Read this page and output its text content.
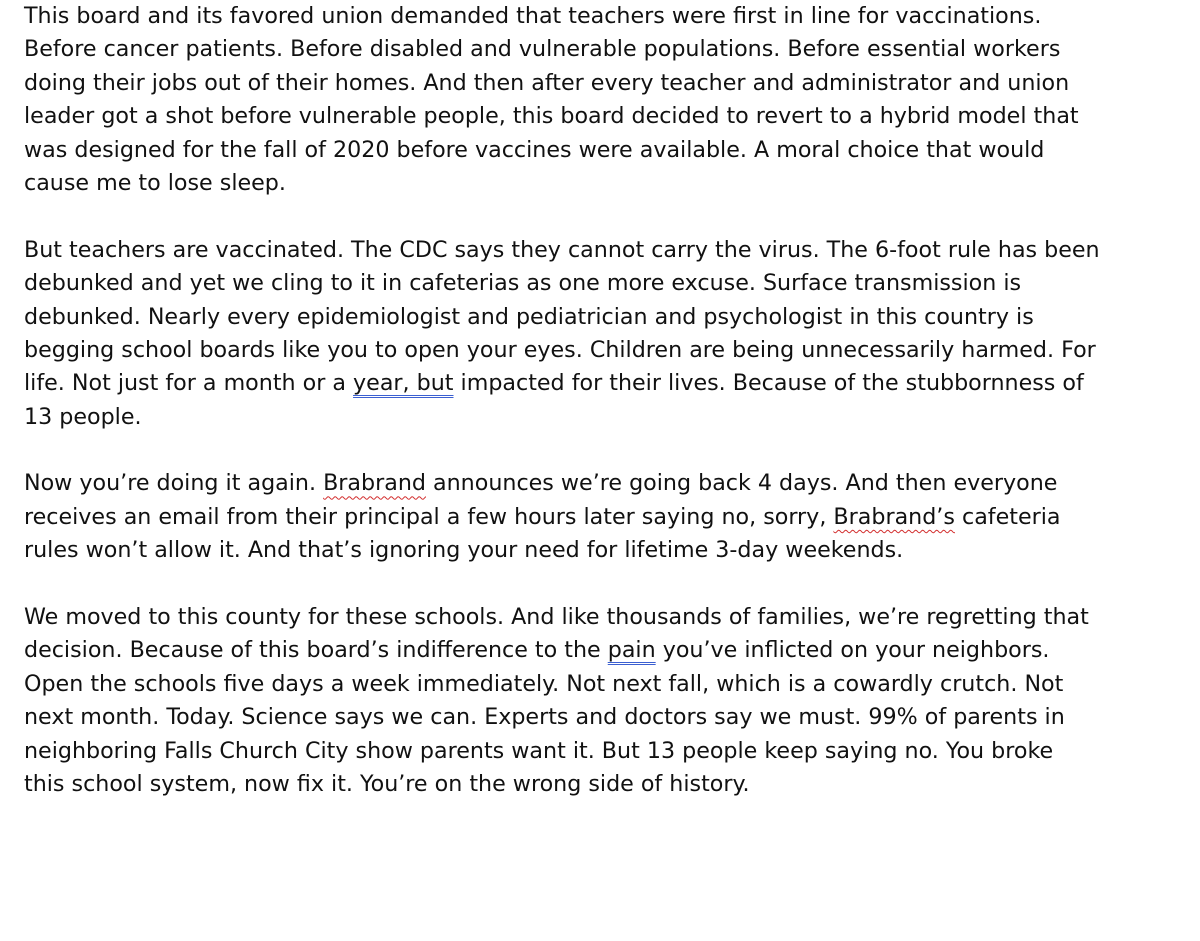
This board and its favored union demanded that teachers were first in line for vaccinations.
Before cancer patients. Before disabled and vulnerable populations. Before essential workers
doing their jobs out of their homes. And then after every teacher and administrator and union
leader got a shot before vulnerable people, this board decided to revert to a hybrid model that
was designed for the fall of 2020 before vaccines were available. A moral choice that would
cause me to lose sleep.

But teachers are vaccinated. The CDC says they cannot carry the virus. The 6-foot rule has been
debunked and yet we cling to it in cafeterias as one more excuse. Surface transmission is
debunked. Nearly every epidemiologist and pediatrician and psychologist in this country is
begging school boards like you to open your eyes. Children are being unnecessarily harmed. For
life. Not just for a month or a year, but impacted for their lives. Because of the stubbornness of
13 people.

Now you’re doing it again. Brabrand announces we’re going back 4 days. And then everyone
receives an email from their principal a few hours later saying no, sorry, Brabrand’s cafeteria
rules won’t allow it. And that’s ignoring your need for lifetime 3-day weekends.

We moved to this county for these schools. And like thousands of families, we’re regretting that
decision. Because of this board’s indifference to the pain you’ve inflicted on your neighbors.
Open the schools five days a week immediately. Not next fall, which is a cowardly crutch. Not
next month. Today. Science says we can. Experts and doctors say we must. 99% of parents in
neighboring Falls Church City show parents want it. But 13 people keep saying no. You broke
this school system, now fix it. You’re on the wrong side of history.
